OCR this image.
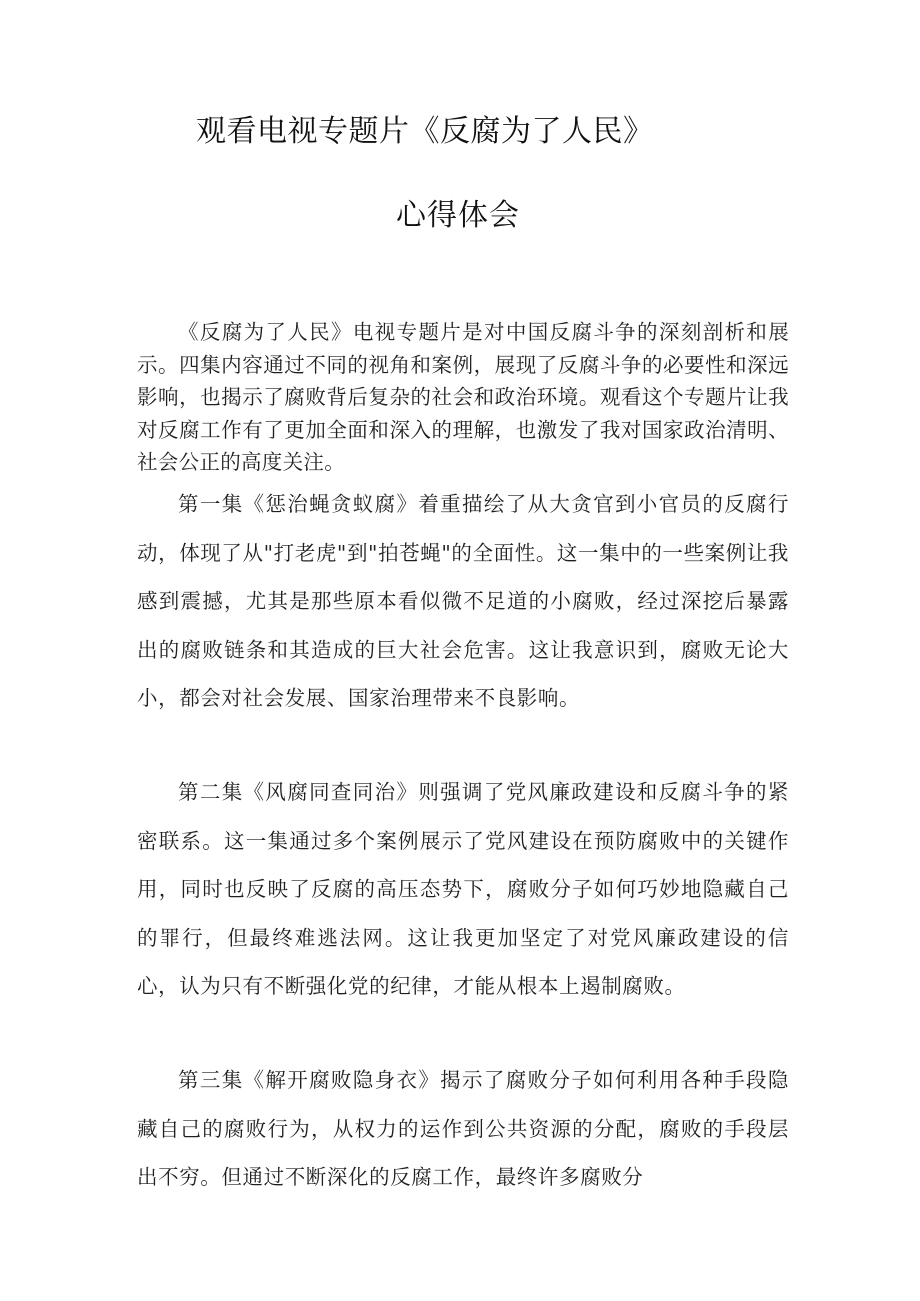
观看电视专题片《反腐为了人民》
心得体会

《反腐为了人民》电视专题片是对中国反腐斗争的深刻剖析和展示。四集内容通过不同的视角和案例，展现了反腐斗争的必要性和深远影响，也揭示了腐败背后复杂的社会和政治环境。观看这个专题片让我对反腐工作有了更加全面和深入的理解，也激发了我对国家政治清明、社会公正的高度关注。

第一集《惩治蝇贪蚁腐》着重描绘了从大贪官到小官员的反腐行动，体现了从"打老虎"到"拍苍蝇"的全面性。这一集中的一些案例让我感到震撼，尤其是那些原本看似微不足道的小腐败，经过深挖后暴露出的腐败链条和其造成的巨大社会危害。这让我意识到，腐败无论大小，都会对社会发展、国家治理带来不良影响。

第二集《风腐同查同治》则强调了党风廉政建设和反腐斗争的紧密联系。这一集通过多个案例展示了党风建设在预防腐败中的关键作用，同时也反映了反腐的高压态势下，腐败分子如何巧妙地隐藏自己的罪行，但最终难逃法网。这让我更加坚定了对党风廉政建设的信心，认为只有不断强化党的纪律，才能从根本上遏制腐败。

第三集《解开腐败隐身衣》揭示了腐败分子如何利用各种手段隐藏自己的腐败行为，从权力的运作到公共资源的分配，腐败的手段层出不穷。但通过不断深化的反腐工作，最终许多腐败分
